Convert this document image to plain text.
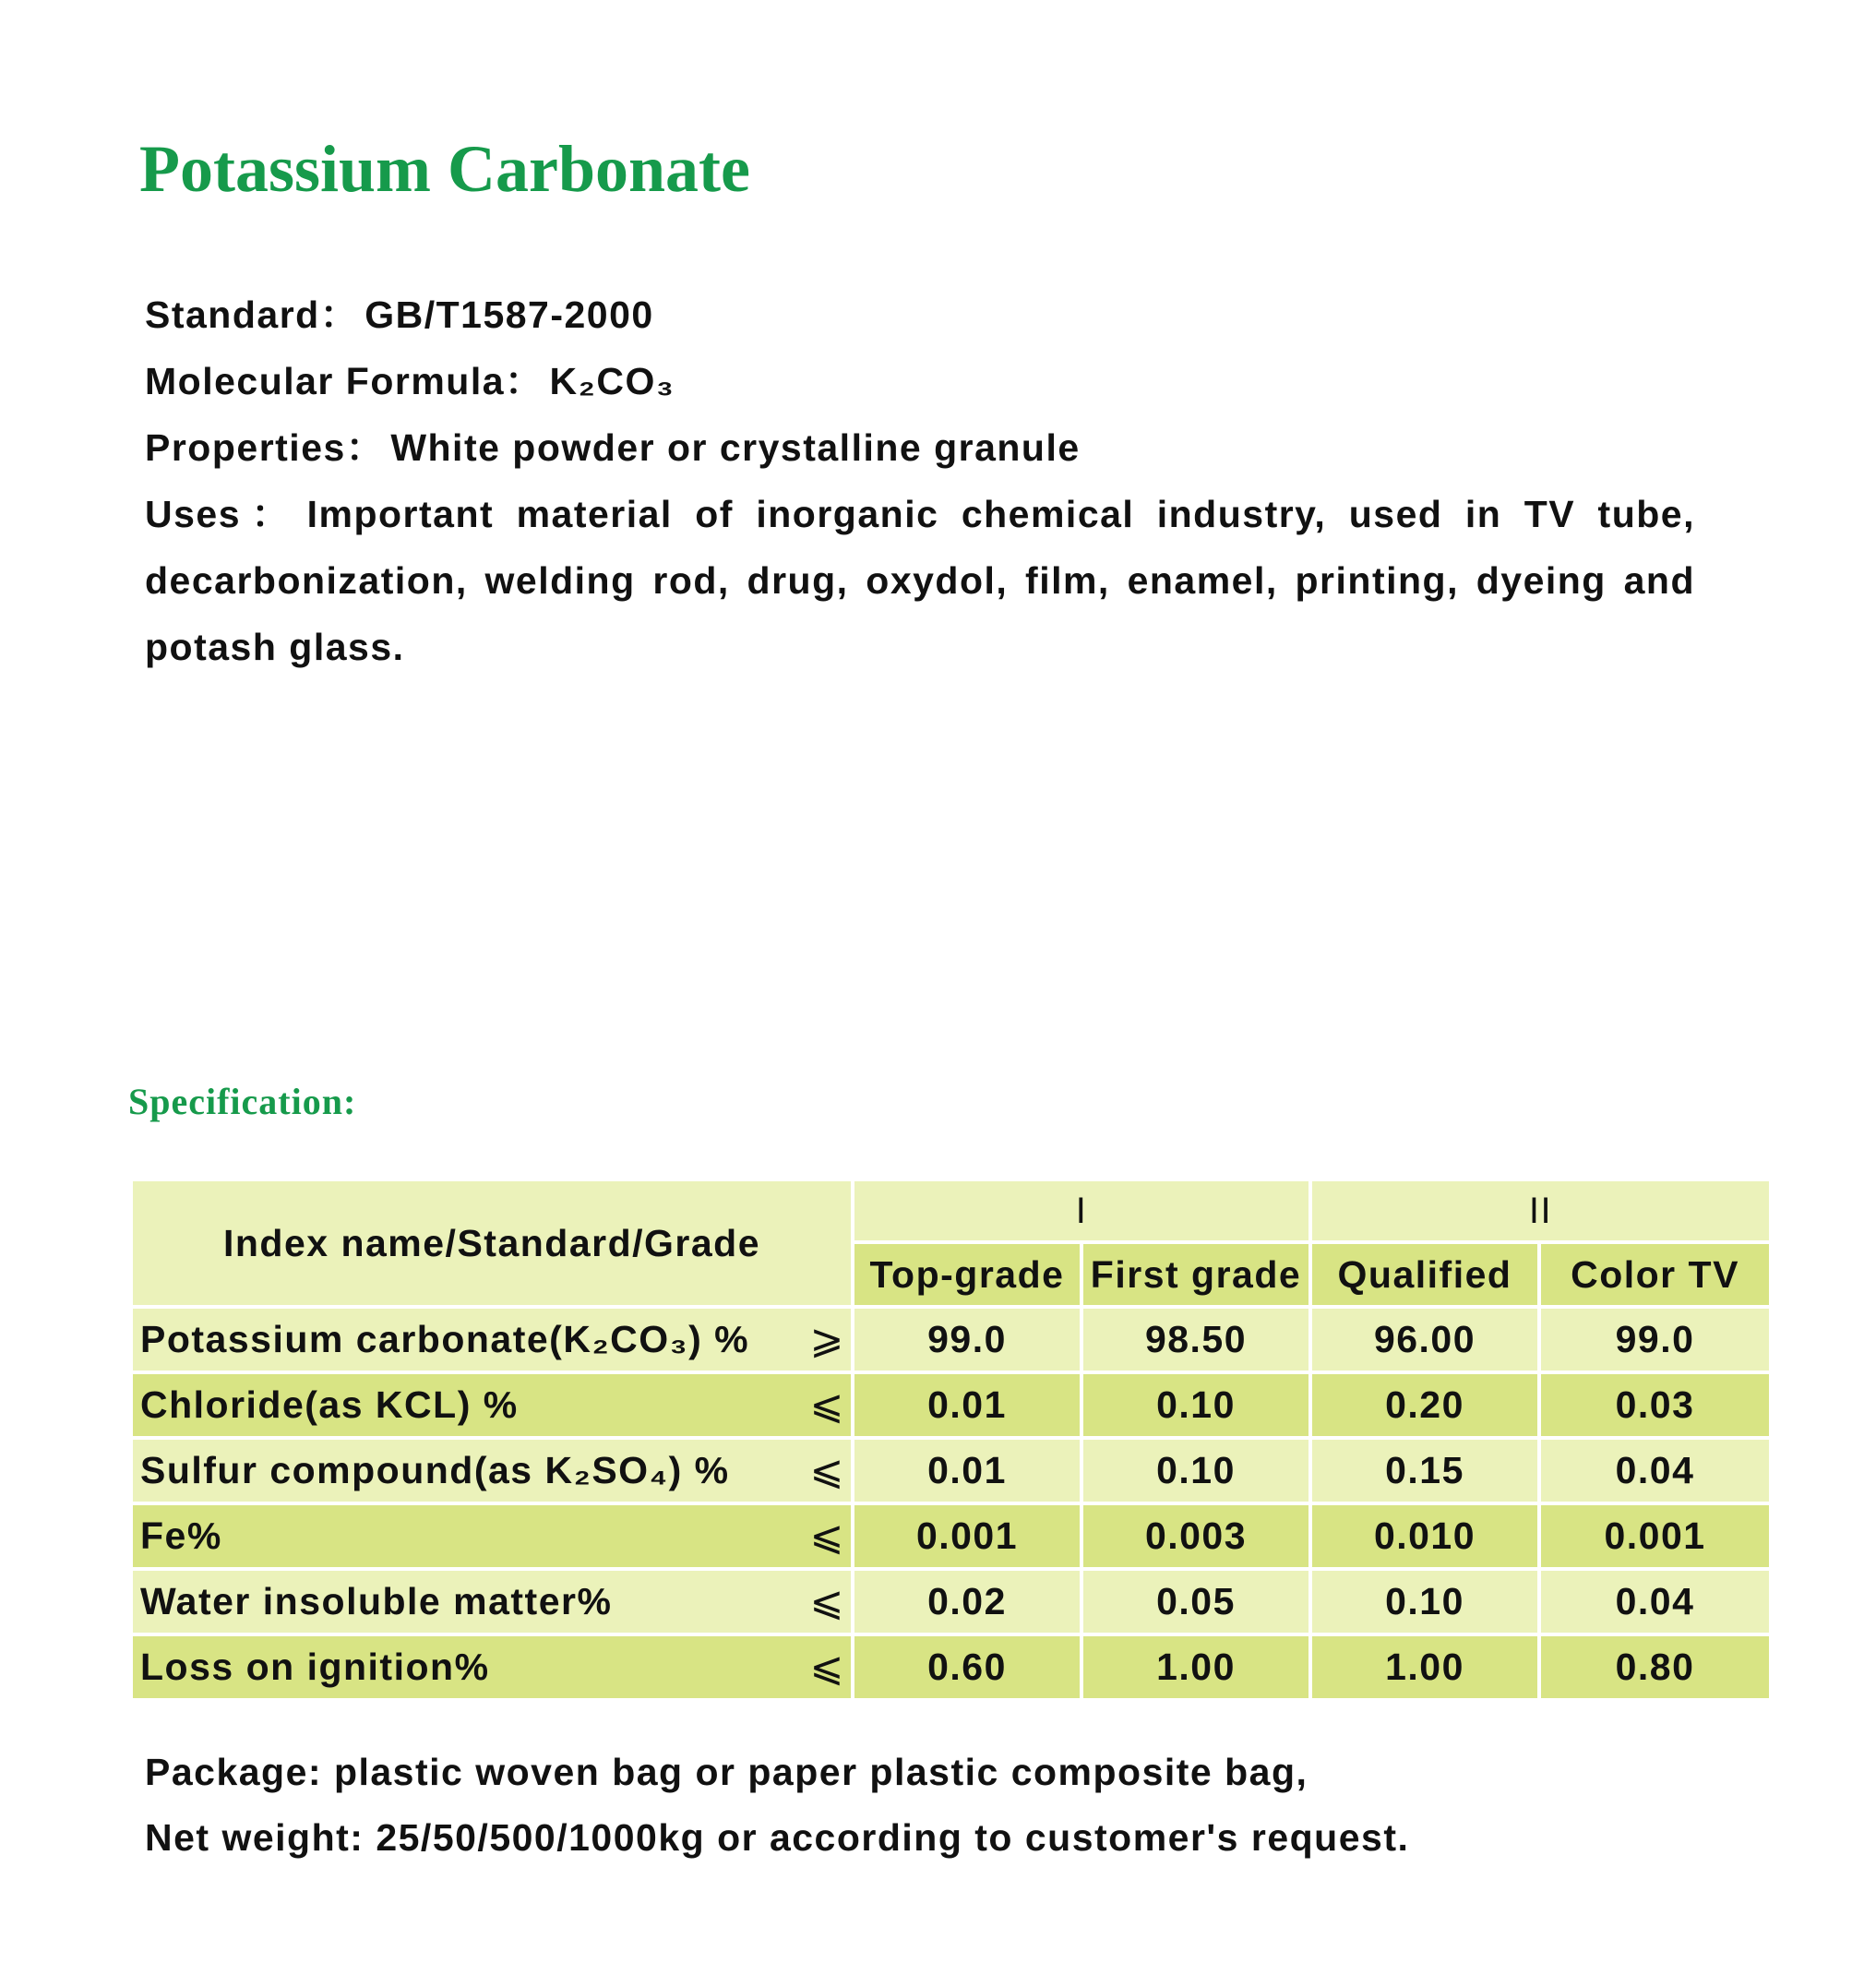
Potassium Carbonate

Standard： GB/T1587-2000

Molecular Formula： K₂CO₃

Properties： White powder or crystalline granule

Uses： Important material of inorganic chemical industry, used in TV tube, decarbonization, welding rod, drug, oxydol, film, enamel, printing, dyeing and potash glass.

Specification:
Index name/Standard/Grade	I		II	
	Top-grade	First grade	Qualified	Color TV

Potassium carbonate(K₂CO₃) % ⩾	99.0	98.50	96.00	99.0

Chloride(as KCL) % ⩽	0.01	0.10	0.20	0.03

Sulfur compound(as K₂SO₄) % ⩽	0.01	0.10	0.15	0.04

Fe% ⩽	0.001	0.003	0.010	0.001

Water insoluble matter% ⩽	0.02	0.05	0.10	0.04

Loss on ignition% ⩽	0.60	1.00	1.00	0.80

Package: plastic woven bag or paper plastic composite bag,

Net weight: 25/50/500/1000kg or according to customer's request.
